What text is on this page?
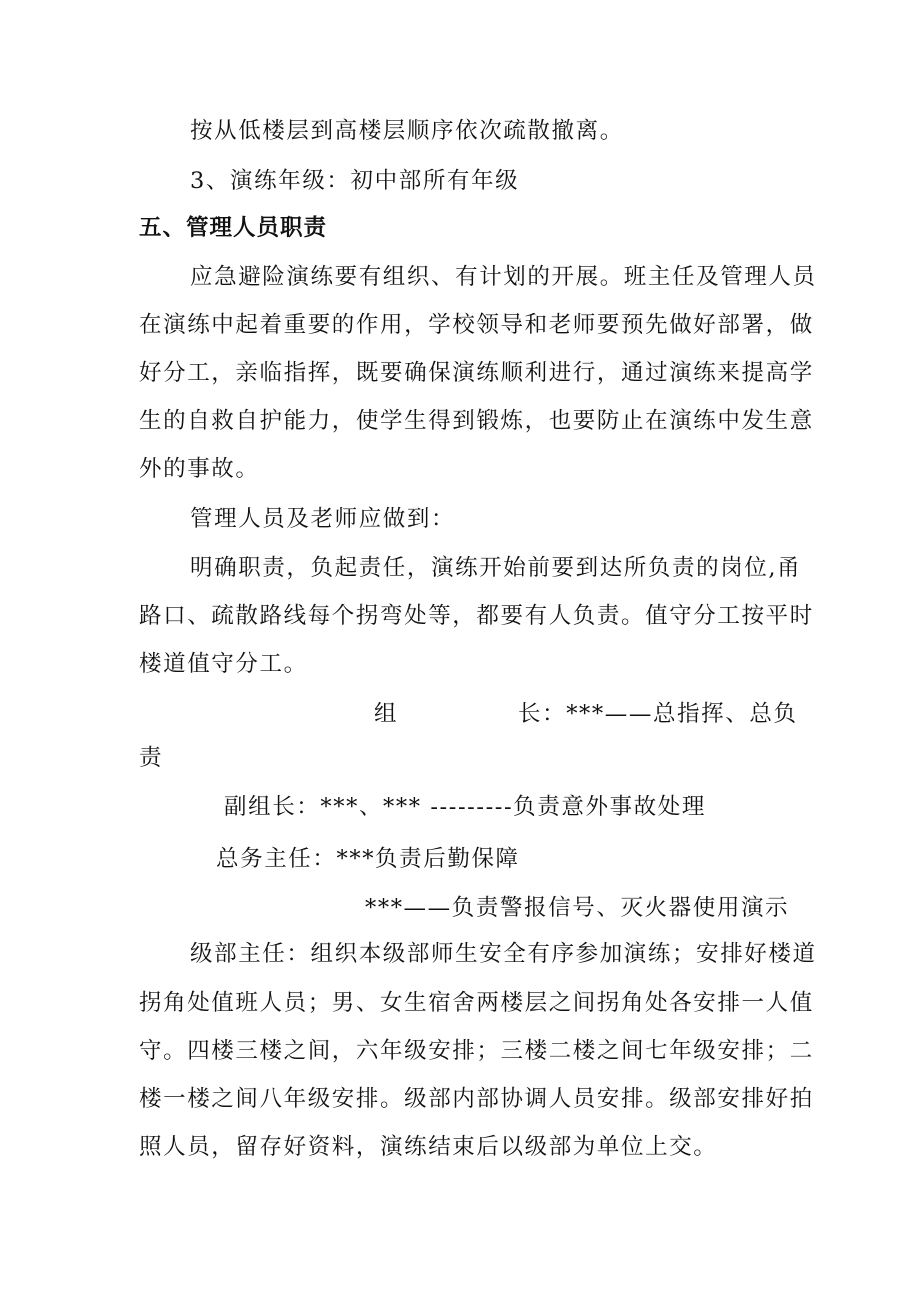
按从低楼层到高楼层顺序依次疏散撤离。
3、演练年级：初中部所有年级
五、管理人员职责
应急避险演练要有组织、有计划的开展。班主任及管理人员
在演练中起着重要的作用，学校领导和老师要预先做好部署，做
好分工，亲临指挥，既要确保演练顺利进行，通过演练来提高学
生的自救自护能力，使学生得到锻炼，也要防止在演练中发生意
外的事故。
管理人员及老师应做到：
明确职责，负起责任，演练开始前要到达所负责的岗位,甬
路口、疏散路线每个拐弯处等，都要有人负责。值守分工按平时
楼道值守分工。
组	长：***——总指挥、总负
责
副组长：***、*** ---------负责意外事故处理
总务主任：***负责后勤保障
***——负责警报信号、灭火器使用演示
级部主任：组织本级部师生安全有序参加演练；安排好楼道
拐角处值班人员；男、女生宿舍两楼层之间拐角处各安排一人值
守。四楼三楼之间，六年级安排；三楼二楼之间七年级安排；二
楼一楼之间八年级安排。级部内部协调人员安排。级部安排好拍
照人员，留存好资料，演练结束后以级部为单位上交。
